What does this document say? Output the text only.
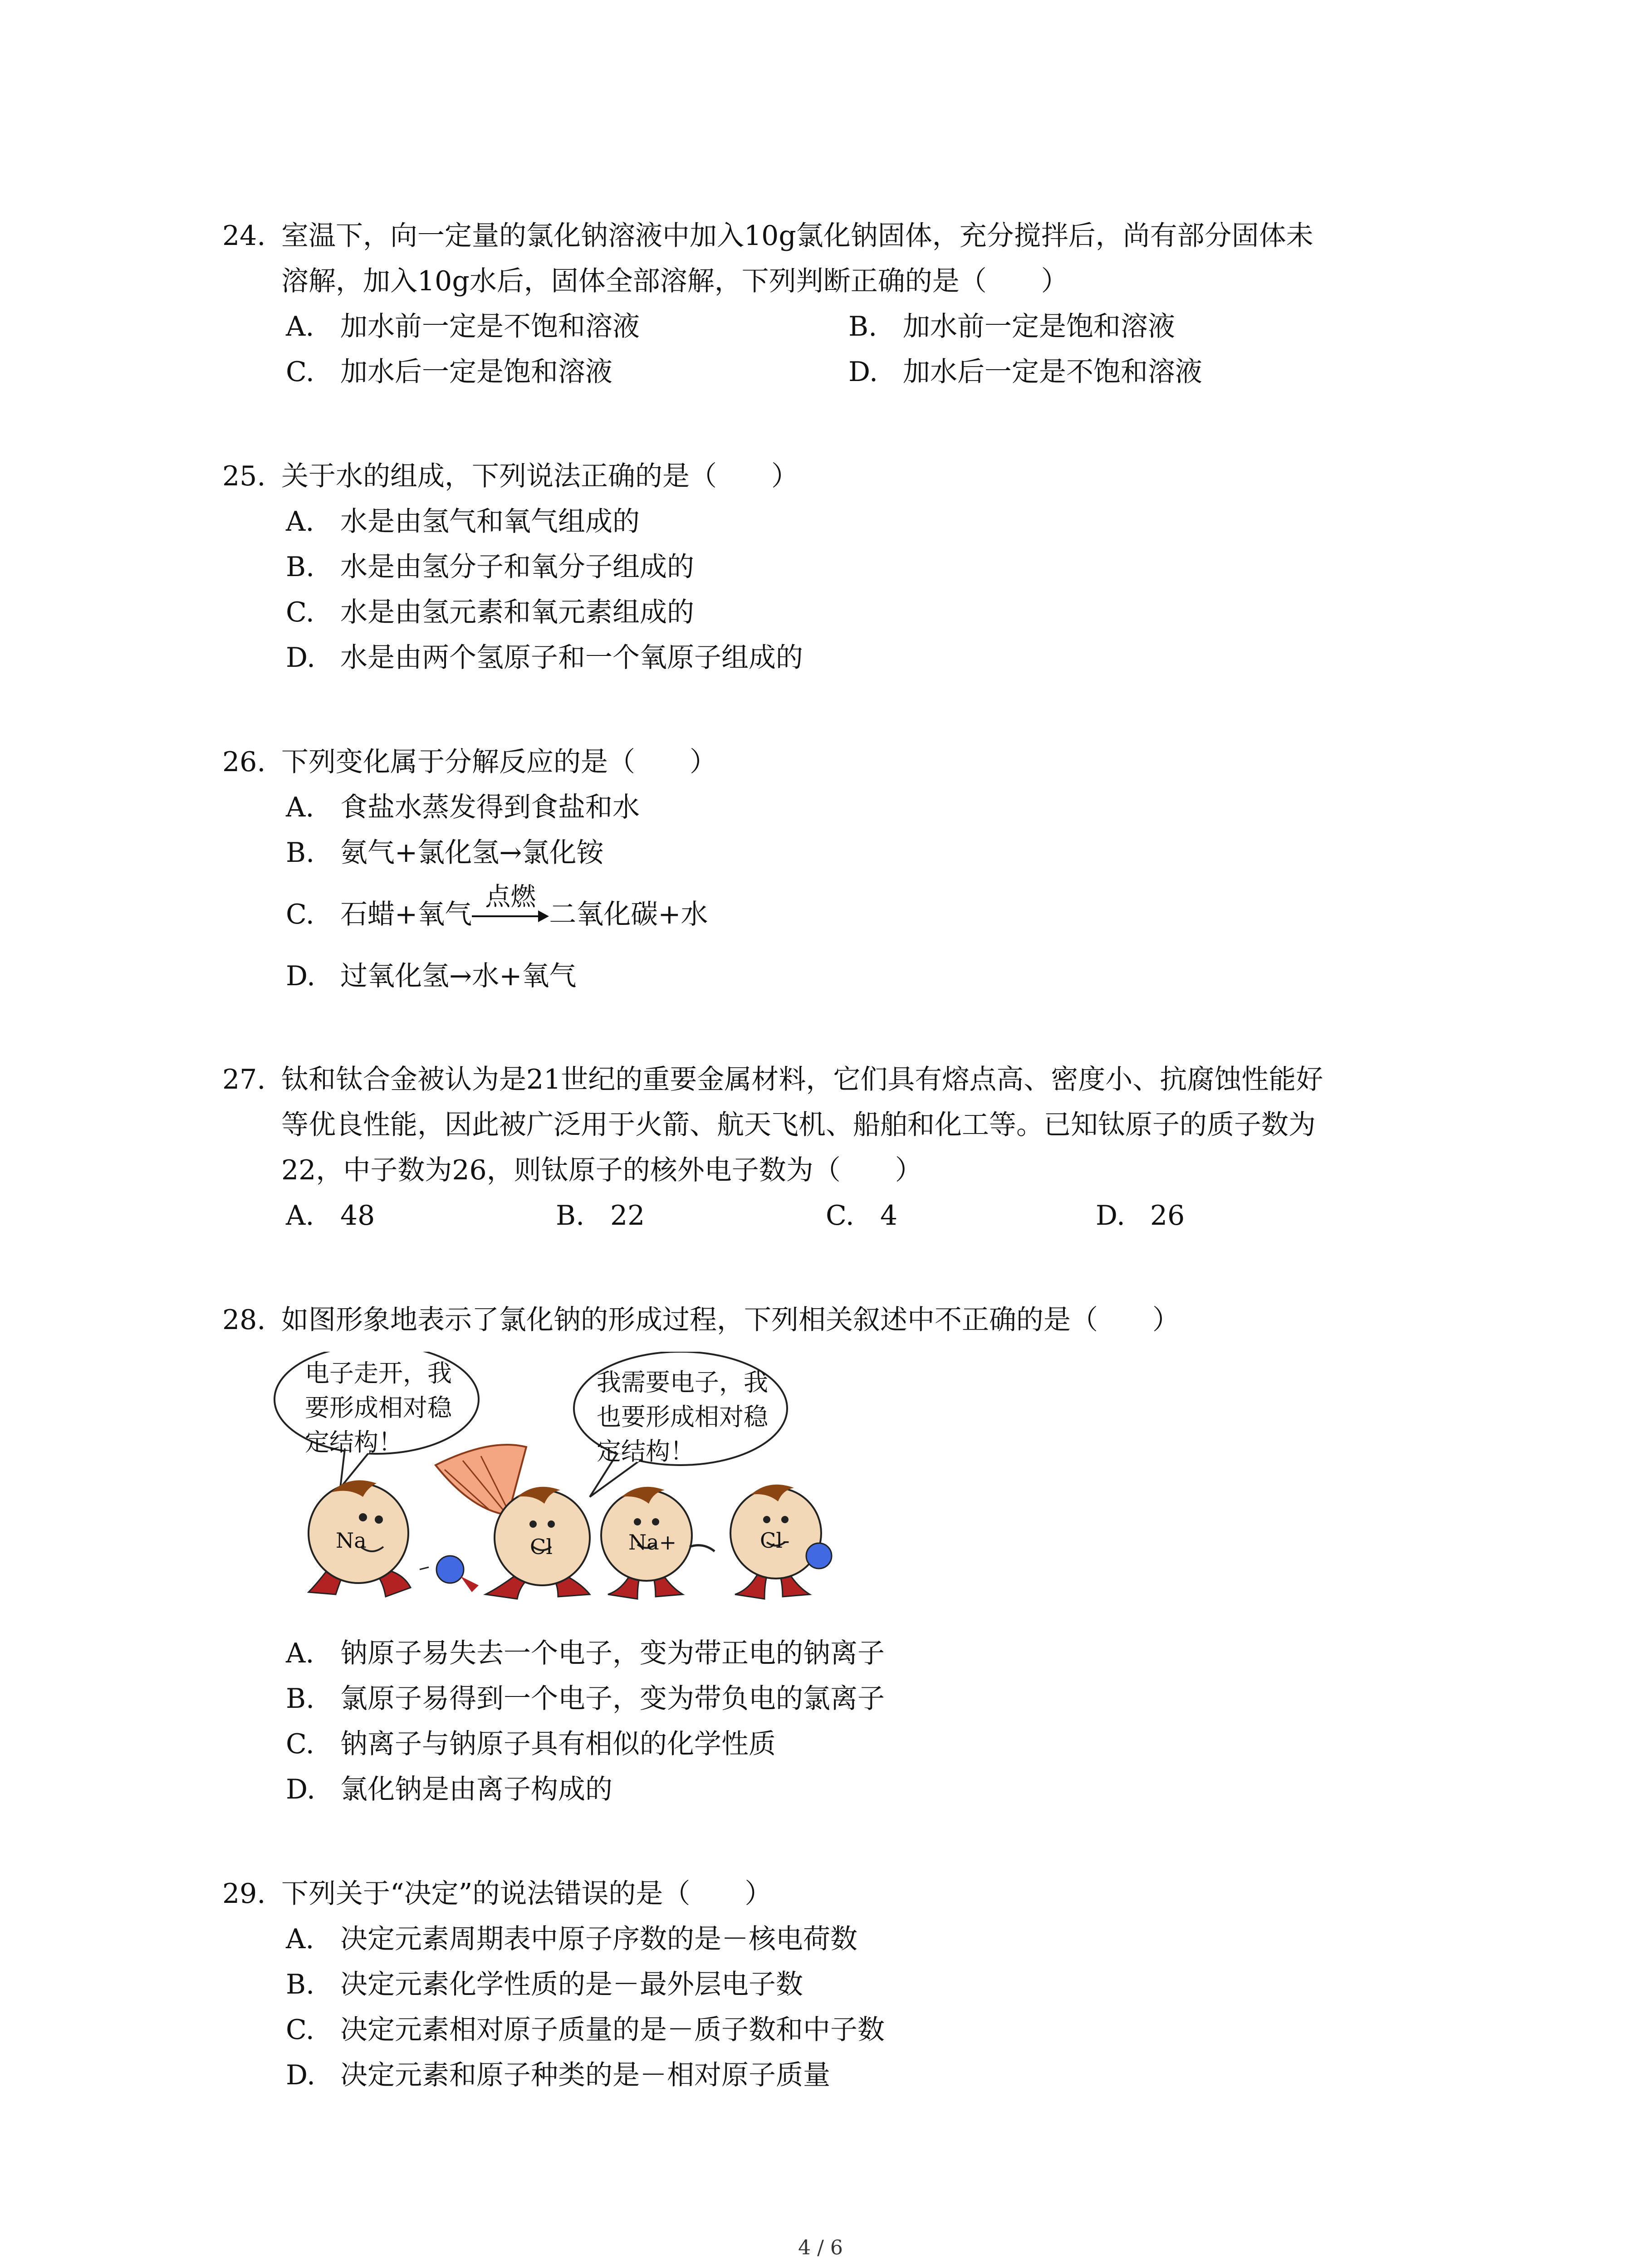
24. 室温下，向一定量的氯化钠溶液中加入10g氯化钠固体，充分搅拌后，尚有部分固体未
溶解，加入10g水后，固体全部溶解，下列判断正确的是（　　）
A. 加水前一定是不饱和溶液	B. 加水前一定是饱和溶液
C. 加水后一定是饱和溶液	D. 加水后一定是不饱和溶液
25. 关于水的组成，下列说法正确的是（　　）
A. 水是由氢气和氧气组成的
B. 水是由氢分子和氧分子组成的
C. 水是由氢元素和氧元素组成的
D. 水是由两个氢原子和一个氧原子组成的
26. 下列变化属于分解反应的是（　　）
A. 食盐水蒸发得到食盐和水
B. 氨气+氯化氢→氯化铵
C. 石蜡+氧气
点燃
二氧化碳+水
D. 过氧化氢→水+氧气
27. 钛和钛合金被认为是21世纪的重要金属材料，它们具有熔点高、密度小、抗腐蚀性能好
等优良性能，因此被广泛用于火箭、航天飞机、船舶和化工等。已知钛原子的质子数为
22，中子数为26，则钛原子的核外电子数为（　　）
A. 48	B. 22	C. 4	D. 26
28. 如图形象地表示了氯化钠的形成过程，下列相关叙述中不正确的是（　　）
电子走开，我
要形成相对稳
定结构！
我需要电子，我
也要形成相对稳
定结构！
Na	Cl	Na+	Cl-
A. 钠原子易失去一个电子，变为带正电的钠离子
B. 氯原子易得到一个电子，变为带负电的氯离子
C. 钠离子与钠原子具有相似的化学性质
D. 氯化钠是由离子构成的
29. 下列关于“决定”的说法错误的是（　　）
A. 决定元素周期表中原子序数的是－核电荷数
B. 决定元素化学性质的是－最外层电子数
C. 决定元素相对原子质量的是－质子数和中子数
D. 决定元素和原子种类的是－相对原子质量
4 / 6
